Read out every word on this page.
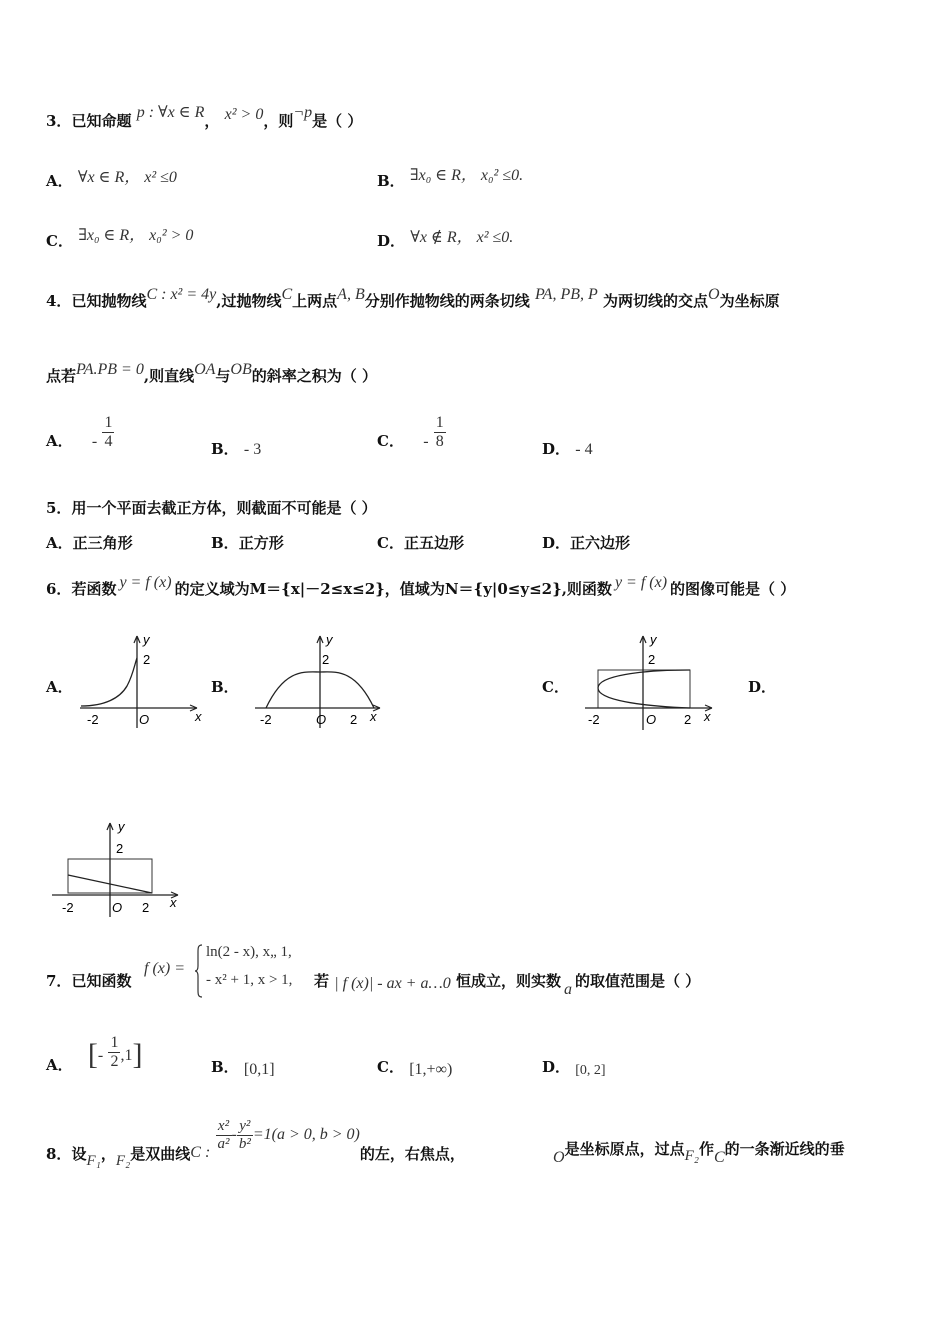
3．已知命题 p : ∀x ∈ R， x² > 0，则¬p是（ ）
A． ∀x ∈ R， x² ≤0	B． ∃x₀ ∈ R， x₀² ≤0.
C． ∃x₀ ∈ R， x₀² > 0	D． ∀x ∉ R， x² ≤0.
4．已知抛物线C : x² = 4y,过抛物线C上两点A, B分别作抛物线的两条切线 PA, PB, P 为两切线的交点O为坐标原
点若PA.PB = 0,则直线OA与OB的斜率之积为（ ）
A． - $\frac{1}{4}$	B． - 3	C． - $\frac{1}{8}$	D． - 4
5．用一个平面去截正方体，则截面不可能是（ ）
A．正三角形	B．正方形	C．正五边形	D．正六边形
6．若函数 y = f (x) 的定义域为M＝{x|－2≤x≤2}，值域为N＝{y|0≤y≤2},则函数 y = f (x) 的图像可能是（ ）
A．	B．	C．	D．
y
2
-2	O	x
y
2
-2	O 2 x
y
2
-2	O 2 x
y
2
-2	O 2 x
7．已知函数
f (x) =
ln(2 - x), x„ 1,
- x² + 1, x > 1, 若 | f (x)| - ax + a…0 恒成立，则实数 a 的取值范围是（ ）
A． [- $\frac{1}{2} ,1$]	B． [0,1]	C． [1,+∞)	D． [0, 2]
8．设F₁，F₂是双曲线C :
$\frac{\text{x²}}{\text{a²}} - \frac{\text{y²}}{\text{b²}} =1(a > 0$, b > 0)的左，右焦点，	O是坐标原点，过点F₂作C的一条渐近线的垂
